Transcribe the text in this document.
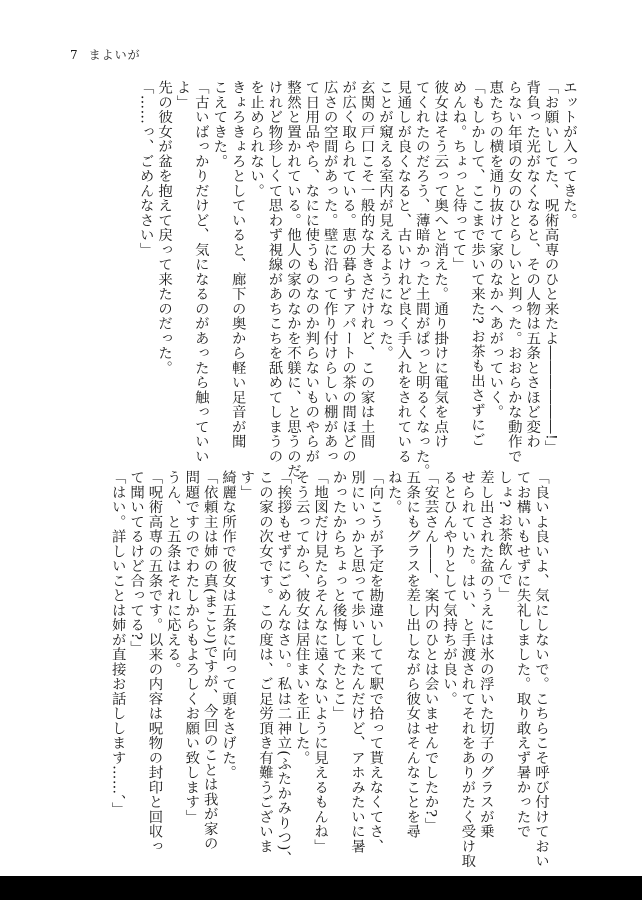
7 まよいが

エットが入ってきた。

「お願いしてた、呪術高専のひと来たよ――――――!」

背負った光がなくなると、その人物は五条とさほど変わ

らない年頃の女のひとらしいと判った。おおらかな動作で

恵たちの横を通り抜けて家のなかへあがっていく。

「もしかして、ここまで歩いて来た? お茶も出さずにご

めんね。ちょっと待ってて」

彼女はそう云って奥へと消えた。通り掛けに電気を点け

てくれたのだろう、薄暗かった土間がぱっと明るくなった。

見通しが良くなると、古いけれど良く手入れをされている

ことが窺える室内が見えるようになった。

玄関の戸口こそ一般的な大きさだけれど、この家は土間

が広く取られている。恵の暮らすアパートの茶の間ほどの

広さの空間があった。壁に沿って作り付けらしい棚があっ

て日用品やら、なにに使うものなのか判らないものやらが

整然と置かれている。他人の家のなかを不躾に、と思うのだ

けれど物珍しくて思わず視線があちこちを舐めてしまうの

を止められない。

きょろきょろとしていると、廊下の奥から軽い足音が聞

こえてきた。

「古いばっかりだけど、気になるのがあったら触っていい

よ」

先の彼女が盆を抱えて戻って来たのだった。

「……っ、ごめんなさい」

「良いよ良いよ、気にしないで。こちらこそ呼び付けておい

てお構いもせずに失礼しました。取り敢えず暑かったで

しょ? お茶飲んで」

差し出された盆のうえには氷の浮いた切子のグラスが乗

せられていた。はい、と手渡されてそれをありがたく受け取

るとひんやりとして気持ちが良い。

「安芸さん――、案内のひとは会いませんでしたか?」

五条にもグラスを差し出しながら彼女はそんなことを尋

ねた。

「向こうが予定を勘違いしてて駅で拾って貰えなくてさ、

別にいっかと思って歩いて来たんだけど、アホみたいに暑

かったからちょっと後悔してたとこ」

「地図だけ見たらそんなに遠くないように見えるもんね」

そう云ってから、彼女は居住まいを正した。

「挨拶もせずにごめんなさい。私は二神立(ふたかみりつ)、

この家の次女です。この度は、ご足労頂き有難うございま

す」

綺麗な所作で彼女は五条に向って頭をさげた。

「依頼主は姉の真(まこと)ですが、今回のことは我が家の

問題ですのでわたしからもよろしくお願い致します」

うん、と五条はそれに応える。

「呪術高専の五条です。以来の内容は呪物の封印と回収っ

て聞いてるけど合ってる?」

「はい。詳しいことは姉が直接お話しします……、」
